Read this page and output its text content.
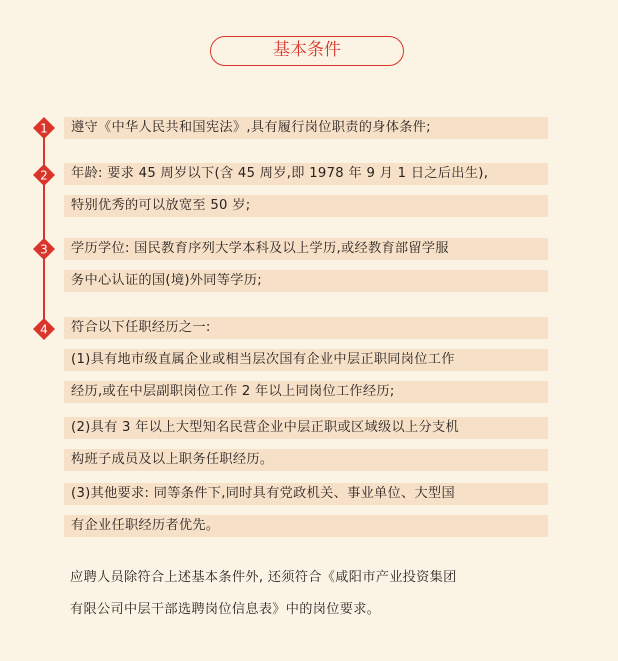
基本条件
1
2
3
4
遵守《中华人民共和国宪法》,具有履行岗位职责的身体条件;
年龄: 要求 45 周岁以下(含 45 周岁,即 1978 年 9 月 1 日之后出生),
特别优秀的可以放宽至 50 岁;
学历学位: 国民教育序列大学本科及以上学历,或经教育部留学服
务中心认证的国(境)外同等学历;
符合以下任职经历之一:
(1)具有地市级直属企业或相当层次国有企业中层正职同岗位工作
经历,或在中层副职岗位工作 2 年以上同岗位工作经历;
(2)具有 3 年以上大型知名民营企业中层正职或区域级以上分支机
构班子成员及以上职务任职经历。
(3)其他要求: 同等条件下,同时具有党政机关、事业单位、大型国
有企业任职经历者优先。
应聘人员除符合上述基本条件外, 还须符合《咸阳市产业投资集团
有限公司中层干部选聘岗位信息表》中的岗位要求。
